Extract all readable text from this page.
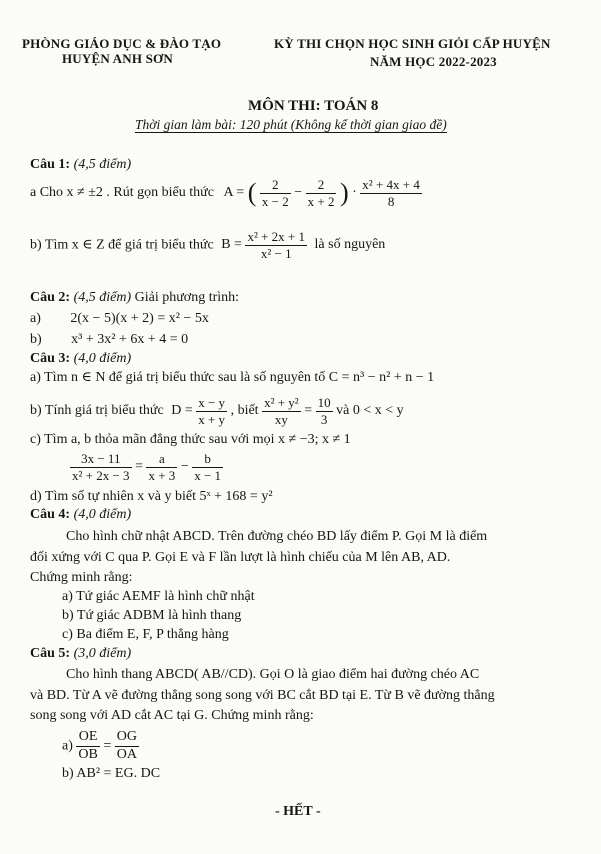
PHÒNG GIÁO DỤC & ĐÀO TẠO
HUYỆN ANH SƠN
KỲ THI CHỌN HỌC SINH GIỎI CẤP HUYỆN
NĂM HỌC 2022-2023
MÔN THI: TOÁN 8
Thời gian làm bài: 120 phút (Không kể thời gian giao đề)
Câu 1: (4,5 điểm)
a Cho x ≠ ±2 . Rút gọn biểu thức A = ( $\frac{2}{x - 2} - \frac{2}{x + 2}$ ) · $\frac{\text{x² + 4x + 4}}{8}$
b) Tìm x ∈ Z để giá trị biểu thức $B = \frac{\text{x² + 2x + 1}}{\text{x² − 1}}$ là số nguyên
Câu 2: (4,5 điểm) Giải phương trình:
a) 2(x − 5)(x + 2) = x² − 5x
b) x³ + 3x² + 6x + 4 = 0
Câu 3: (4,0 điểm)
a) Tìm n ∈ N để giá trị biểu thức sau là số nguyên tố C = n³ − n² + n − 1
b) Tính giá trị biểu thức $D = \frac{x - y}{x + y}$ , biết $\frac{\text{x² + y²}}{xy} = \frac{10}{3}$ và 0 < x < y
c) Tìm a, b thỏa mãn đẳng thức sau với mọi x ≠ −3; x ≠ 1
$\frac{3x - 11}{\text{x² + 2x − 3}} = \frac{a}{x + 3} - \frac{b}{x - 1}$
d) Tìm số tự nhiên x và y biết 5ˣ + 168 = y²
Câu 4: (4,0 điểm)
Cho hình chữ nhật ABCD. Trên đường chéo BD lấy điểm P. Gọi M là điểm
đối xứng với C qua P. Gọi E và F lần lượt là hình chiếu của M lên AB, AD.
Chứng minh rằng:
a) Tứ giác AEMF là hình chữ nhật
b) Tứ giác ADBM là hình thang
c) Ba điểm E, F, P thẳng hàng
Câu 5: (3,0 điểm)
Cho hình thang ABCD( AB//CD). Gọi O là giao điểm hai đường chéo AC
và BD. Từ A vẽ đường thẳng song song với BC cắt BD tại E. Từ B vẽ đường thẳng
song song với AD cắt AC tại G. Chứng minh rằng:
$a) \frac{OE}{OB} = \frac{OG}{OA}$
b) AB² = EG. DC
- HẾT -
